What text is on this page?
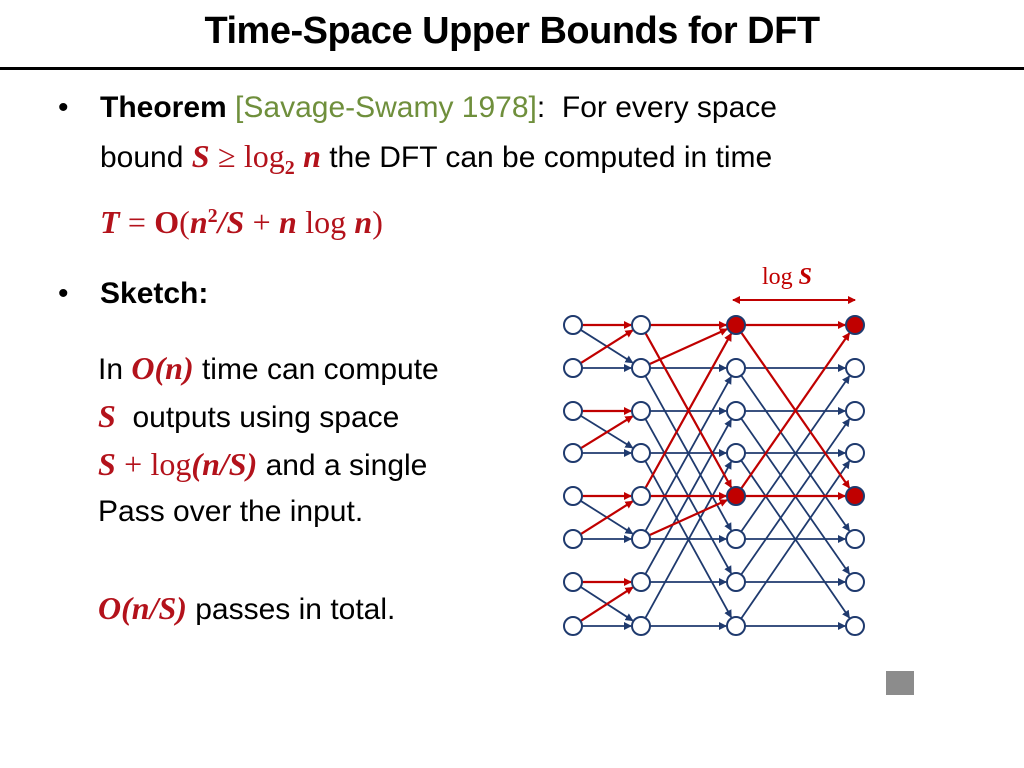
Time-Space Upper Bounds for DFT
• Theorem [Savage-Swamy 1978]: For every space
bound $S \ge \log_2 n$ the DFT can be computed in time
$T = O(n^2/S + n$ log n)
• Sketch:
In O(n) time can compute
S outputs using space
S + log(n/S) and a single
Pass over the input.
O(n/S) passes in total.
log S
